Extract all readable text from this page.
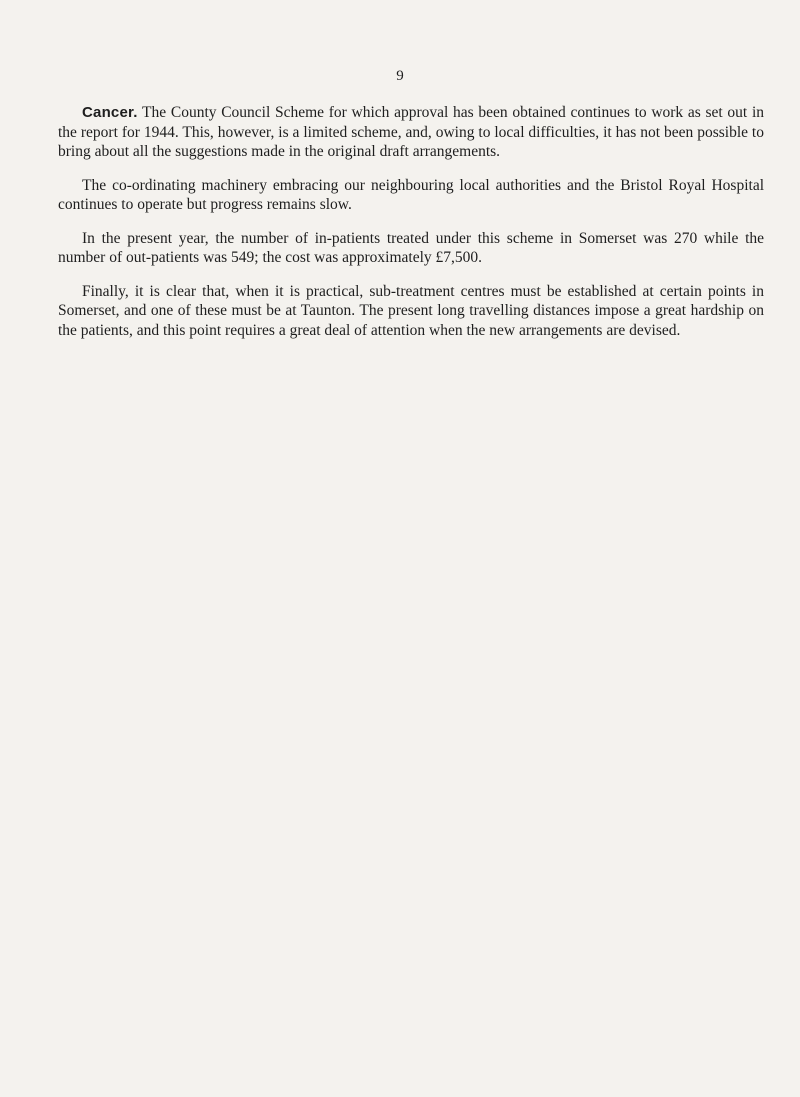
9

Cancer. The County Council Scheme for which approval has been obtained continues to work as set out in the report for 1944. This, however, is a limited scheme, and, owing to local difficulties, it has not been possible to bring about all the suggestions made in the original draft arrangements.

The co-ordinating machinery embracing our neighbouring local authorities and the Bristol Royal Hospital continues to operate but progress remains slow.

In the present year, the number of in-patients treated under this scheme in Somerset was 270 while the number of out-patients was 549; the cost was approximately £7,500.

Finally, it is clear that, when it is practical, sub-treatment centres must be established at certain points in Somerset, and one of these must be at Taunton. The present long travelling distances impose a great hardship on the patients, and this point requires a great deal of attention when the new arrangements are devised.
